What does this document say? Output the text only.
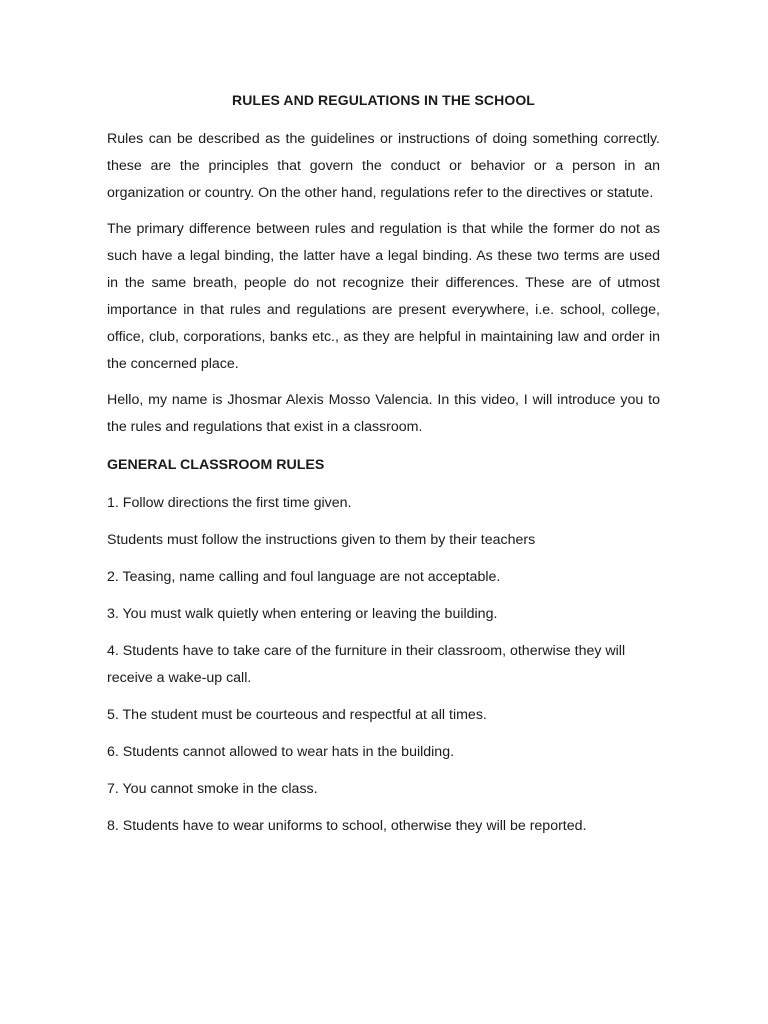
RULES AND REGULATIONS IN THE SCHOOL

Rules can be described as the guidelines or instructions of doing something correctly. these are the principles that govern the conduct or behavior or a person in an organization or country. On the other hand, regulations refer to the directives or statute.

The primary difference between rules and regulation is that while the former do not as such have a legal binding, the latter have a legal binding. As these two terms are used in the same breath, people do not recognize their differences. These are of utmost importance in that rules and regulations are present everywhere, i.e. school, college, office, club, corporations, banks etc., as they are helpful in maintaining law and order in the concerned place.

Hello, my name is Jhosmar Alexis Mosso Valencia. In this video, I will introduce you to the rules and regulations that exist in a classroom.

GENERAL CLASSROOM RULES
1. Follow directions the first time given.
Students must follow the instructions given to them by their teachers
2. Teasing, name calling and foul language are not acceptable.
3. You must walk quietly when entering or leaving the building.
4. Students have to take care of the furniture in their classroom, otherwise they will receive a wake-up call.
5. The student must be courteous and respectful at all times.
6. Students cannot allowed to wear hats in the building.
7. You cannot smoke in the class.
8. Students have to wear uniforms to school, otherwise they will be reported.
